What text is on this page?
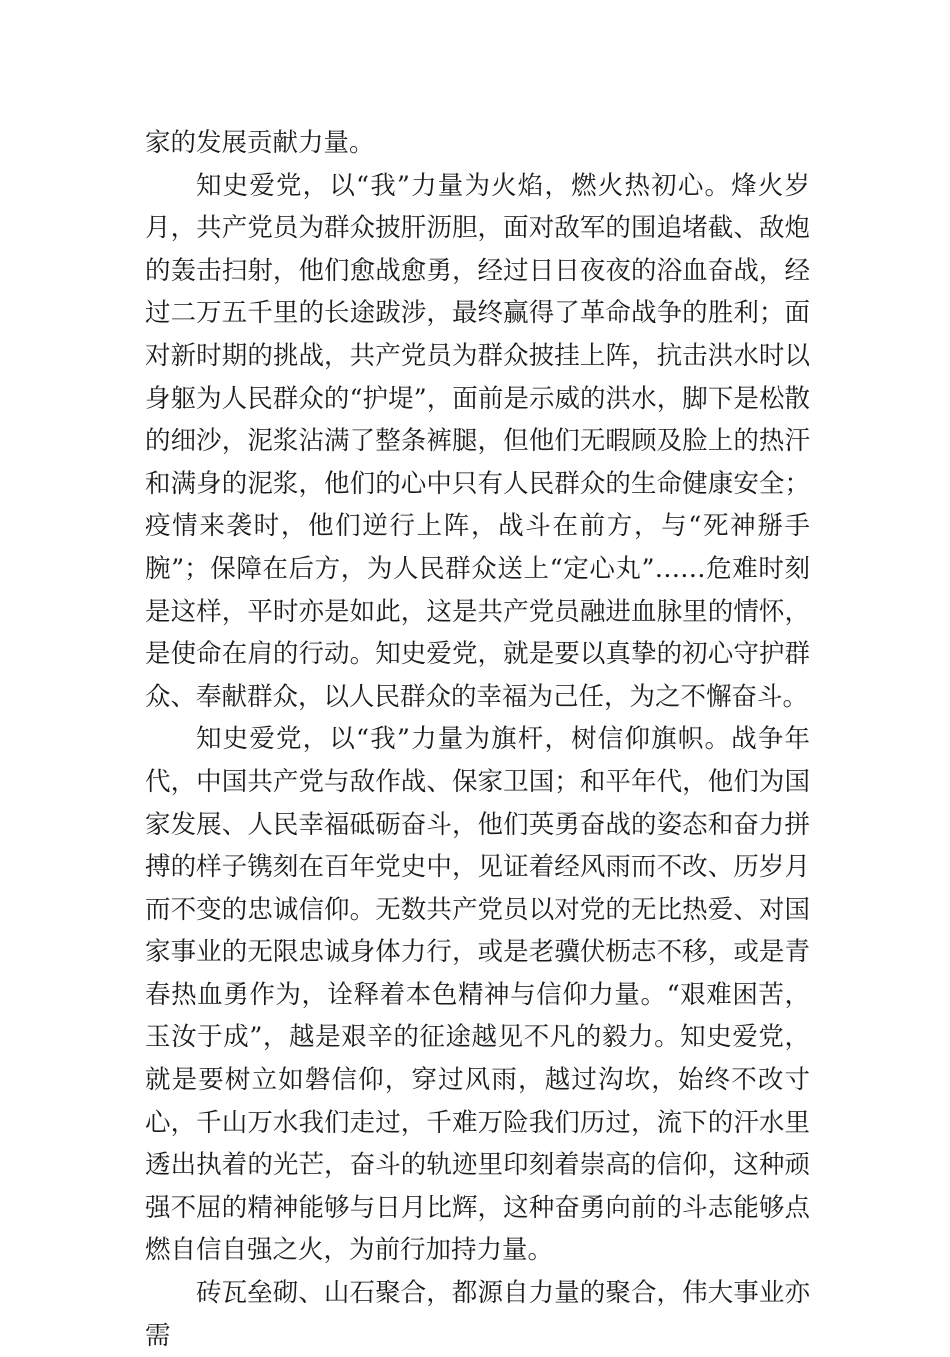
家的发展贡献力量。

知史爱党，以“我”力量为火焰，燃火热初心。烽火岁月，共产党员为群众披肝沥胆，面对敌军的围追堵截、敌炮的轰击扫射，他们愈战愈勇，经过日日夜夜的浴血奋战，经过二万五千里的长途跋涉，最终赢得了革命战争的胜利；面对新时期的挑战，共产党员为群众披挂上阵，抗击洪水时以身躯为人民群众的“护堤”，面前是示威的洪水，脚下是松散的细沙，泥浆沾满了整条裤腿，但他们无暇顾及脸上的热汗和满身的泥浆，他们的心中只有人民群众的生命健康安全；疫情来袭时，他们逆行上阵，战斗在前方，与“死神掰手腕”；保障在后方，为人民群众送上“定心丸”……危难时刻是这样，平时亦是如此，这是共产党员融进血脉里的情怀，是使命在肩的行动。知史爱党，就是要以真挚的初心守护群众、奉献群众，以人民群众的幸福为己任，为之不懈奋斗。

知史爱党，以“我”力量为旗杆，树信仰旗帜。战争年代，中国共产党与敌作战、保家卫国；和平年代，他们为国家发展、人民幸福砥砺奋斗，他们英勇奋战的姿态和奋力拼搏的样子镌刻在百年党史中，见证着经风雨而不改、历岁月而不变的忠诚信仰。无数共产党员以对党的无比热爱、对国家事业的无限忠诚身体力行，或是老骥伏枥志不移，或是青春热血勇作为，诠释着本色精神与信仰力量。“艰难困苦，玉汝于成”，越是艰辛的征途越见不凡的毅力。知史爱党，就是要树立如磐信仰，穿过风雨，越过沟坎，始终不改寸心，千山万水我们走过，千难万险我们历过，流下的汗水里透出执着的光芒，奋斗的轨迹里印刻着崇高的信仰，这种顽强不屈的精神能够与日月比辉，这种奋勇向前的斗志能够点燃自信自强之火，为前行加持力量。

砖瓦垒砌、山石聚合，都源自力量的聚合，伟大事业亦需
